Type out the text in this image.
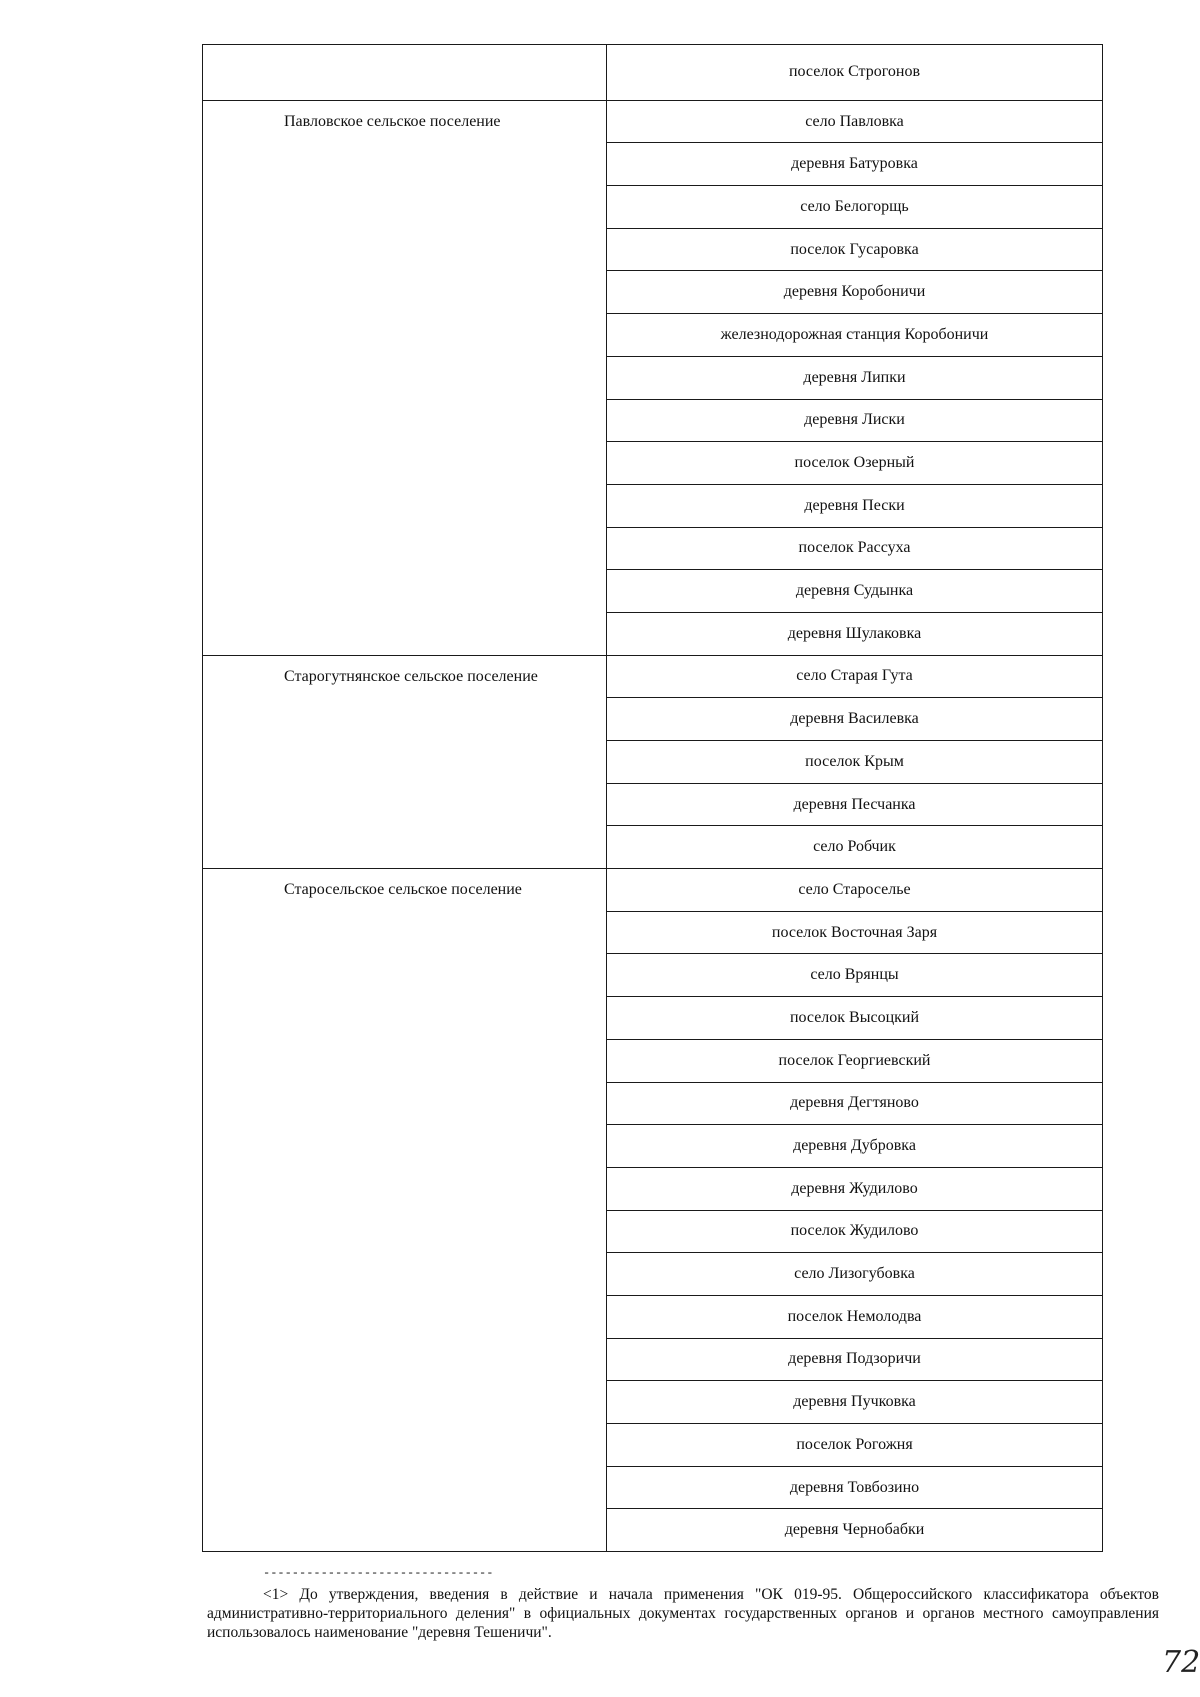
	поселок Строгонов
Павловское сельское поселение	село Павловка
	деревня Батуровка
	село Белогорщь
	поселок Гусаровка
	деревня Коробоничи
	железнодорожная станция Коробоничи
	деревня Липки
	деревня Лиски
	поселок Озерный
	деревня Пески
	поселок Рассуха
	деревня Судынка
	деревня Шулаковка
Старогутнянское сельское поселение	село Старая Гута
	деревня Василевка
	поселок Крым
	деревня Песчанка
	село Робчик
Старосельское сельское поселение	село Староселье
	поселок Восточная Заря
	село Врянцы
	поселок Высоцкий
	поселок Георгиевский
	деревня Дегтяново
	деревня Дубровка
	деревня Жудилово
	поселок Жудилово
	село Лизогубовка
	поселок Немолодва
	деревня Подзоричи
	деревня Пучковка
	поселок Рогожня
	деревня Товбозино
	деревня Чернобабки
--------------------------------
<1> До утверждения, введения в действие и начала применения "ОК 019-95. Общероссийского классификатора объектов административно-территориального деления" в официальных документах государственных органов и органов местного самоуправления использовалось наименование "деревня Тешеничи".
72
